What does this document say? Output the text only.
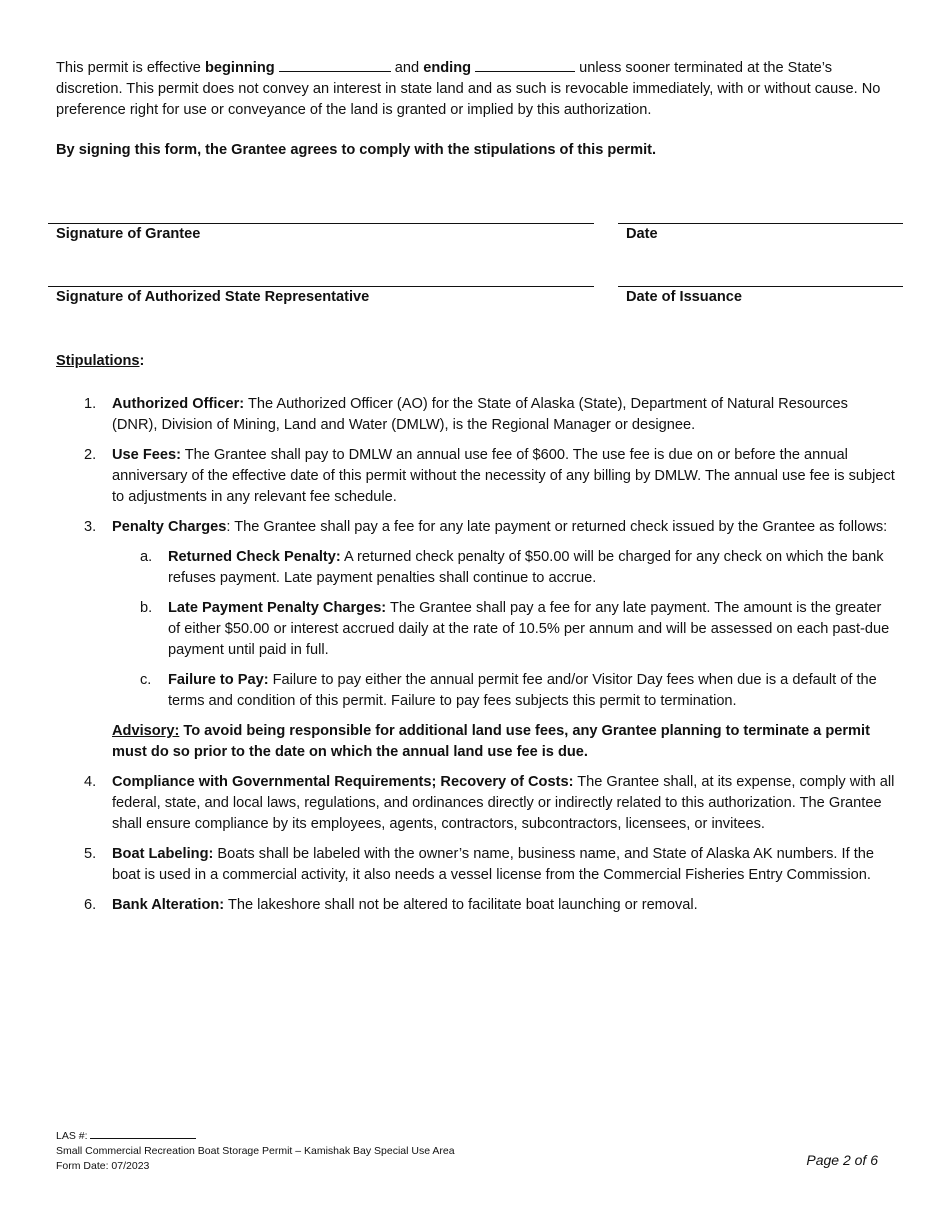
This permit is effective beginning	and ending	unless sooner terminated at the State’s discretion. This permit does not convey an interest in state land and as such is revocable immediately, with or without cause. No preference right for use or conveyance of the land is granted or implied by this authorization.
By signing this form, the Grantee agrees to comply with the stipulations of this permit.
Signature of Grantee	Date
Signature of Authorized State Representative	Date of Issuance
Stipulations:
1. Authorized Officer: The Authorized Officer (AO) for the State of Alaska (State), Department of Natural Resources (DNR), Division of Mining, Land and Water (DMLW), is the Regional Manager or designee.
2. Use Fees: The Grantee shall pay to DMLW an annual use fee of $600. The use fee is due on or before the annual anniversary of the effective date of this permit without the necessity of any billing by DMLW. The annual use fee is subject to adjustments in any relevant fee schedule.
3. Penalty Charges: The Grantee shall pay a fee for any late payment or returned check issued by the Grantee as follows:
a. Returned Check Penalty: A returned check penalty of $50.00 will be charged for any check on which the bank refuses payment. Late payment penalties shall continue to accrue.
b. Late Payment Penalty Charges: The Grantee shall pay a fee for any late payment. The amount is the greater of either $50.00 or interest accrued daily at the rate of 10.5% per annum and will be assessed on each past-due payment until paid in full.
c. Failure to Pay: Failure to pay either the annual permit fee and/or Visitor Day fees when due is a default of the terms and condition of this permit. Failure to pay fees subjects this permit to termination.
Advisory: To avoid being responsible for additional land use fees, any Grantee planning to terminate a permit must do so prior to the date on which the annual land use fee is due.
4. Compliance with Governmental Requirements; Recovery of Costs: The Grantee shall, at its expense, comply with all federal, state, and local laws, regulations, and ordinances directly or indirectly related to this authorization. The Grantee shall ensure compliance by its employees, agents, contractors, subcontractors, licensees, or invitees.
5. Boat Labeling: Boats shall be labeled with the owner’s name, business name, and State of Alaska AK numbers. If the boat is used in a commercial activity, it also needs a vessel license from the Commercial Fisheries Entry Commission.
6. Bank Alteration: The lakeshore shall not be altered to facilitate boat launching or removal.
LAS #:
Small Commercial Recreation Boat Storage Permit – Kamishak Bay Special Use Area
Form Date: 07/2023	Page 2 of 6
